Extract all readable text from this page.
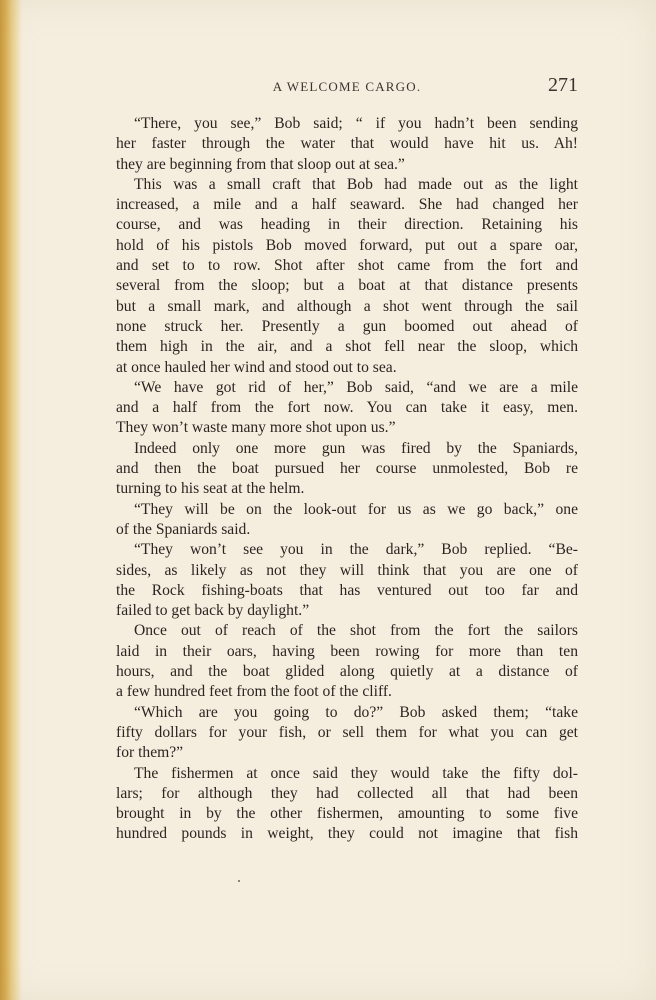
A WELCOME CARGO.	271
“There, you see,” Bob said; “ if you hadn’t been sending
her faster through the water that would have hit us. Ah!
they are beginning from that sloop out at sea.”
This was a small craft that Bob had made out as the light
increased, a mile and a half seaward. She had changed her
course, and was heading in their direction. Retaining his
hold of his pistols Bob moved forward, put out a spare oar,
and set to to row. Shot after shot came from the fort and
several from the sloop; but a boat at that distance presents
but a small mark, and although a shot went through the sail
none struck her. Presently a gun boomed out ahead of
them high in the air, and a shot fell near the sloop, which
at once hauled her wind and stood out to sea.
“We have got rid of her,” Bob said, “and we are a mile
and a half from the fort now. You can take it easy, men.
They won’t waste many more shot upon us.”
Indeed only one more gun was fired by the Spaniards,
and then the boat pursued her course unmolested, Bob re
turning to his seat at the helm.
“They will be on the look-out for us as we go back,” one
of the Spaniards said.
“They won’t see you in the dark,” Bob replied. “Be-
sides, as likely as not they will think that you are one of
the Rock fishing-boats that has ventured out too far and
failed to get back by daylight.”
Once out of reach of the shot from the fort the sailors
laid in their oars, having been rowing for more than ten
hours, and the boat glided along quietly at a distance of
a few hundred feet from the foot of the cliff.
“Which are you going to do?” Bob asked them; “take
fifty dollars for your fish, or sell them for what you can get
for them?”
The fishermen at once said they would take the fifty dol-
lars; for although they had collected all that had been
brought in by the other fishermen, amounting to some five
hundred pounds in weight, they could not imagine that fish
